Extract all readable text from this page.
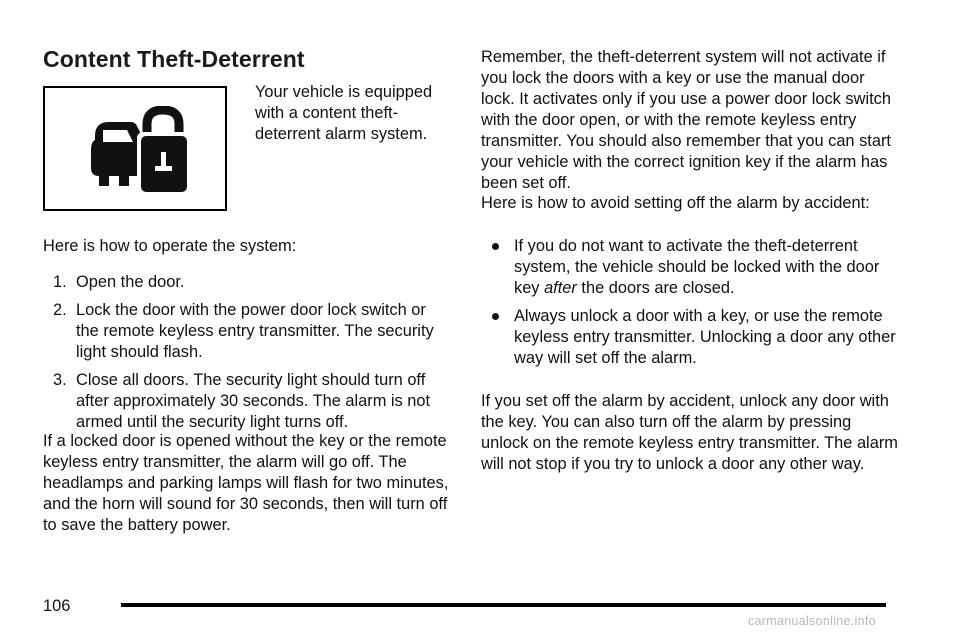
Content Theft-Deterrent

Your vehicle is equipped with a content theft-deterrent alarm system.

Here is how to operate the system:

1. Open the door.
2. Lock the door with the power door lock switch or the remote keyless entry transmitter. The security light should flash.
3. Close all doors. The security light should turn off after approximately 30 seconds. The alarm is not armed until the security light turns off.

If a locked door is opened without the key or the remote keyless entry transmitter, the alarm will go off. The headlamps and parking lamps will flash for two minutes, and the horn will sound for 30 seconds, then will turn off to save the battery power.

Remember, the theft-deterrent system will not activate if you lock the doors with a key or use the manual door lock. It activates only if you use a power door lock switch with the door open, or with the remote keyless entry transmitter. You should also remember that you can start your vehicle with the correct ignition key if the alarm has been set off.

Here is how to avoid setting off the alarm by accident:

If you do not want to activate the theft-deterrent system, the vehicle should be locked with the door key after the doors are closed.
Always unlock a door with a key, or use the remote keyless entry transmitter. Unlocking a door any other way will set off the alarm.

If you set off the alarm by accident, unlock any door with the key. You can also turn off the alarm by pressing unlock on the remote keyless entry transmitter. The alarm will not stop if you try to unlock a door any other way.

106
carmanualsonline.info
